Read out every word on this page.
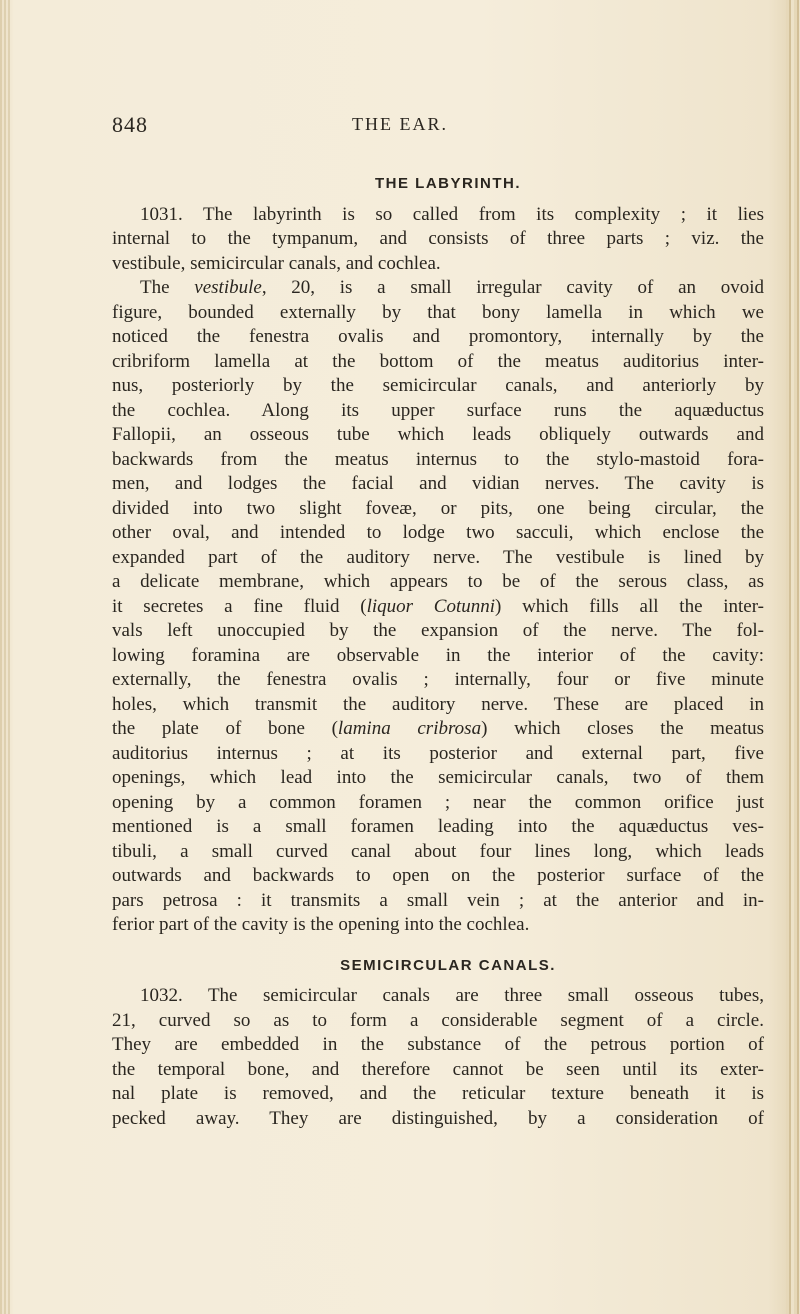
848	THE EAR.
THE LABYRINTH.
1031. The labyrinth is so called from its complexity ; it lies
internal to the tympanum, and consists of three parts ; viz. the
vestibule, semicircular canals, and cochlea.
The vestibule, 20, is a small irregular cavity of an ovoid
figure, bounded externally by that bony lamella in which we
noticed the fenestra ovalis and promontory, internally by the
cribriform lamella at the bottom of the meatus auditorius inter-
nus, posteriorly by the semicircular canals, and anteriorly by
the cochlea. Along its upper surface runs the aquæductus
Fallopii, an osseous tube which leads obliquely outwards and
backwards from the meatus internus to the stylo-mastoid fora-
men, and lodges the facial and vidian nerves. The cavity is
divided into two slight foveæ, or pits, one being circular, the
other oval, and intended to lodge two sacculi, which enclose the
expanded part of the auditory nerve. The vestibule is lined by
a delicate membrane, which appears to be of the serous class, as
it secretes a fine fluid (liquor Cotunni) which fills all the inter-
vals left unoccupied by the expansion of the nerve. The fol-
lowing foramina are observable in the interior of the cavity:
externally, the fenestra ovalis ; internally, four or five minute
holes, which transmit the auditory nerve. These are placed in
the plate of bone (lamina cribrosa) which closes the meatus
auditorius internus ; at its posterior and external part, five
openings, which lead into the semicircular canals, two of them
opening by a common foramen ; near the common orifice just
mentioned is a small foramen leading into the aquæductus ves-
tibuli, a small curved canal about four lines long, which leads
outwards and backwards to open on the posterior surface of the
pars petrosa : it transmits a small vein ; at the anterior and in-
ferior part of the cavity is the opening into the cochlea.
SEMICIRCULAR CANALS.
1032. The semicircular canals are three small osseous tubes,
21, curved so as to form a considerable segment of a circle.
They are embedded in the substance of the petrous portion of
the temporal bone, and therefore cannot be seen until its exter-
nal plate is removed, and the reticular texture beneath it is
pecked away. They are distinguished, by a consideration of
